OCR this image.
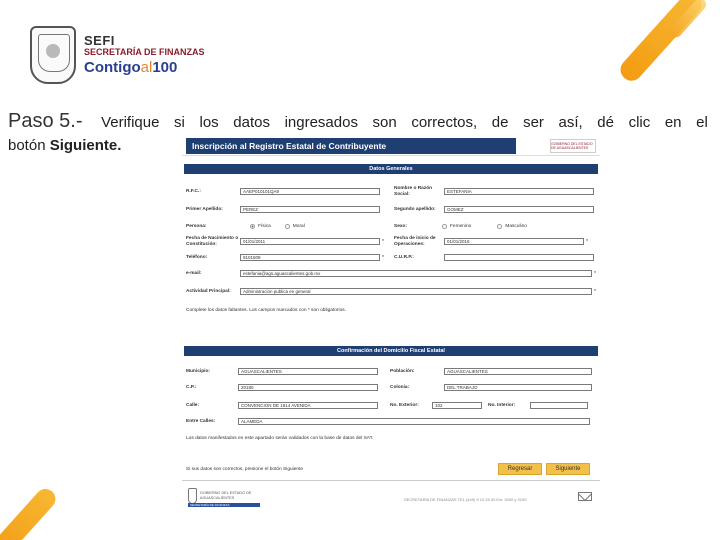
SEFI
SECRETARÍA DE FINANZAS
Contigoal100
Paso 5.- Verifique si los datos ingresados son correctos, de ser así, dé clic en el
botón Siguiente.	Inscripción al Registro Estatal de Contribuyente	GOBIERNO DEL ESTADO DE AGUASCALIENTES
Datos Generales
R.F.C.:	AAEP010101QA9
Nombre o Razón Social:	ESTEFANIA
Primer Apellido:	PEREZ	Segundo apellido:	GOMEZ
Persona:	Física	Moral	Sexo:	Femenino	Masculino
Fecha de Nacimiento o Constitución:	01/01/2011	* Fecha de inicio de Operaciones:	01/01/2016	*
Teléfono:	9101509	* C.U.R.P.:
e-mail:	estefania@ags.aguascalientes.gob.mx	*
Actividad Principal:	Administración publica en general	*
Complete los datos faltantes. Los campos marcados con * son obligatorios.
Confirmación del Domicilio Fiscal Estatal
Municipio:	AGUASCALIENTES	Población:	AGUASCALIENTES
C.P.:	20180	Colonia:	DEL TRABAJO
Calle:	CONVENCION DE 1914 AVENIDA	No. Exterior:	102	No. Interior:
Entre Calles:	ALAMEDA
Los datos manifestados en este apartado serán validados con la base de datos del SAT.
Si sus datos son correctos, presione el botón Siguiente	Regresar	Siguiente
GOBIERNO DEL ESTADO DE AGUASCALIENTES
SECRETARÍA DE FINANZAS
SECRETARÍA DE FINANZAS TEL (449) 9 10 25 00 Ext. 3000 y 3100
